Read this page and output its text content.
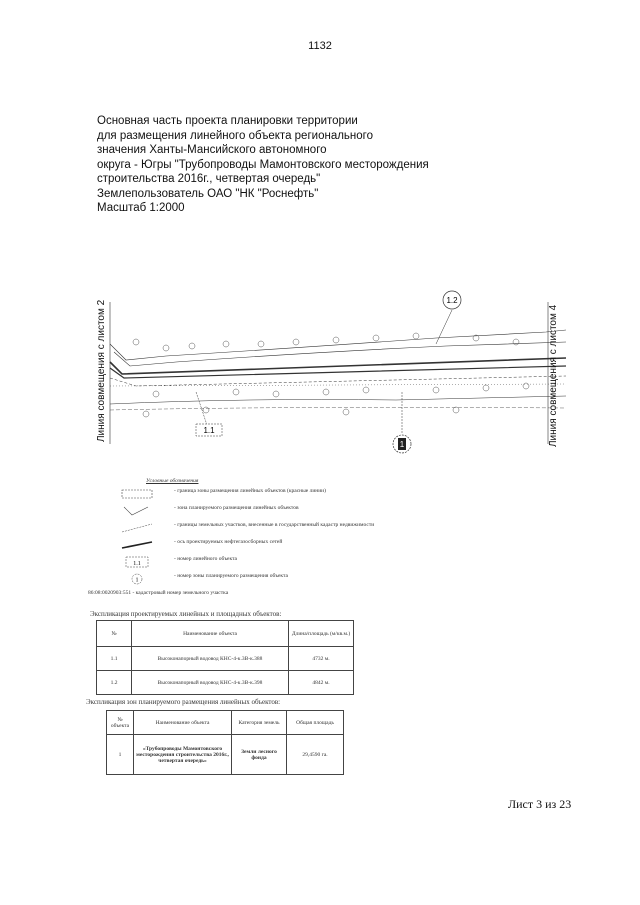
1132
Основная часть проекта планировки территории
для размещения линейного объекта регионального
значения Ханты-Мансийского автономного
округа - Югры "Трубопроводы Мамонтовского месторождения
строительства 2016г., четвертая очередь"
Землепользователь ОАО "НК "Роснефть"
Масштаб 1:2000
1.2
1.1
1
Линия совмещения с листом 2	Линия совмещения с листом 4
Условные обозначения
- граница зоны размещения линейных объектов (красные линии)
- зона планируемого размещения линейных объектов
- границы земельных участков, внесенные в государственный кадастр недвижимости
- ось проектируемых нефтегазосборных сетей
1.1
- номер линейного объекта
1
- номер зоны планируемого размещения объекта
86:08:0020903:551 - кадастровый номер земельного участка
Экспликация проектируемых линейных и площадных объектов:
№	Наименование объекта	Длина/площадь (м/кв.м.)
1.1	Высоконапорный водовод КНС-4-к.3В-к.388	4732 м.
1.2	Высоконапорный водовод КНС-4-к.3В-к.398	4842 м.
Экспликация зон планируемого размещения линейных объектов:
№ объекта	Наименование объекта	Категория земель	Общая площадь
1	«Трубопроводы Мамонтовского месторождения строительства 2016г., четвертая очередь»	Земли лесного фонда	29,4590 га.
Лист 3 из 23
